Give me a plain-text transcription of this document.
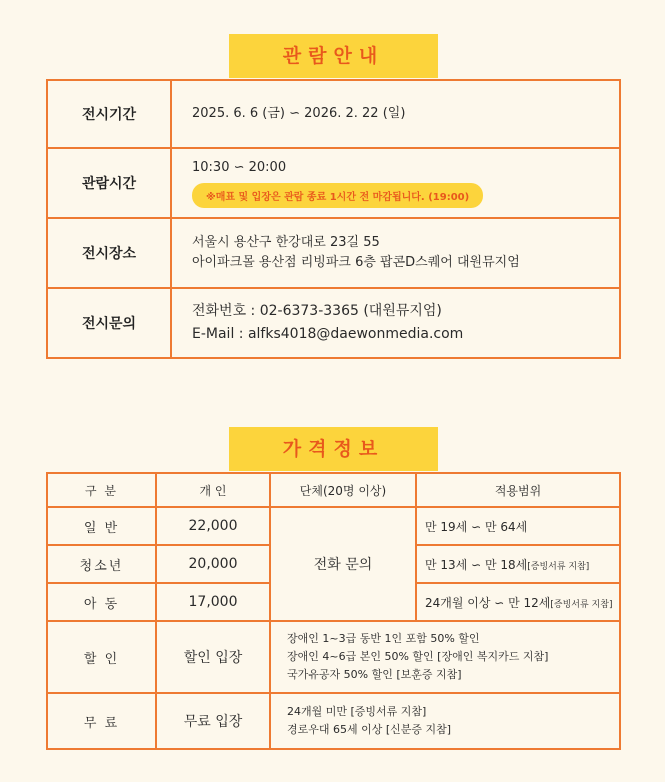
관람안내
전시기간	2025. 6. 6 (금) ∽ 2026. 2. 22 (일)
관람시간	10:30 ∽ 20:00
※매표 및 입장은 관람 종료 1시간 전 마감됩니다. (19:00)
전시장소	서울시 용산구 한강대로 23길 55
아이파크몰 용산점 리빙파크 6층 팝콘D스퀘어 대원뮤지엄

전시문의	전화번호 : 02-6373-3365 (대원뮤지엄)
E-Mail : alfks4018@daewonmedia.com
가격정보
구 분	개 인	단체(20명 이상)	적용범위
일 반	22,000	전화 문의	만 19세 ∽ 만 64세
청소년	20,000		만 13세 ∽ 만 18세[증빙서류 지참]
아 동	17,000		24개월 이상 ∽ 만 12세[증빙서류 지참]
할 인	할인 입장	장애인 1~3급 동반 1인 포함 50% 할인
장애인 4~6급 본인 50% 할인 [장애인 복지카드 지참]
국가유공자 50% 할인 [보훈증 지참]	

무 료	무료 입장	24개월 미만 [증빙서류 지참]
경로우대 65세 이상 [신분증 지참]	
